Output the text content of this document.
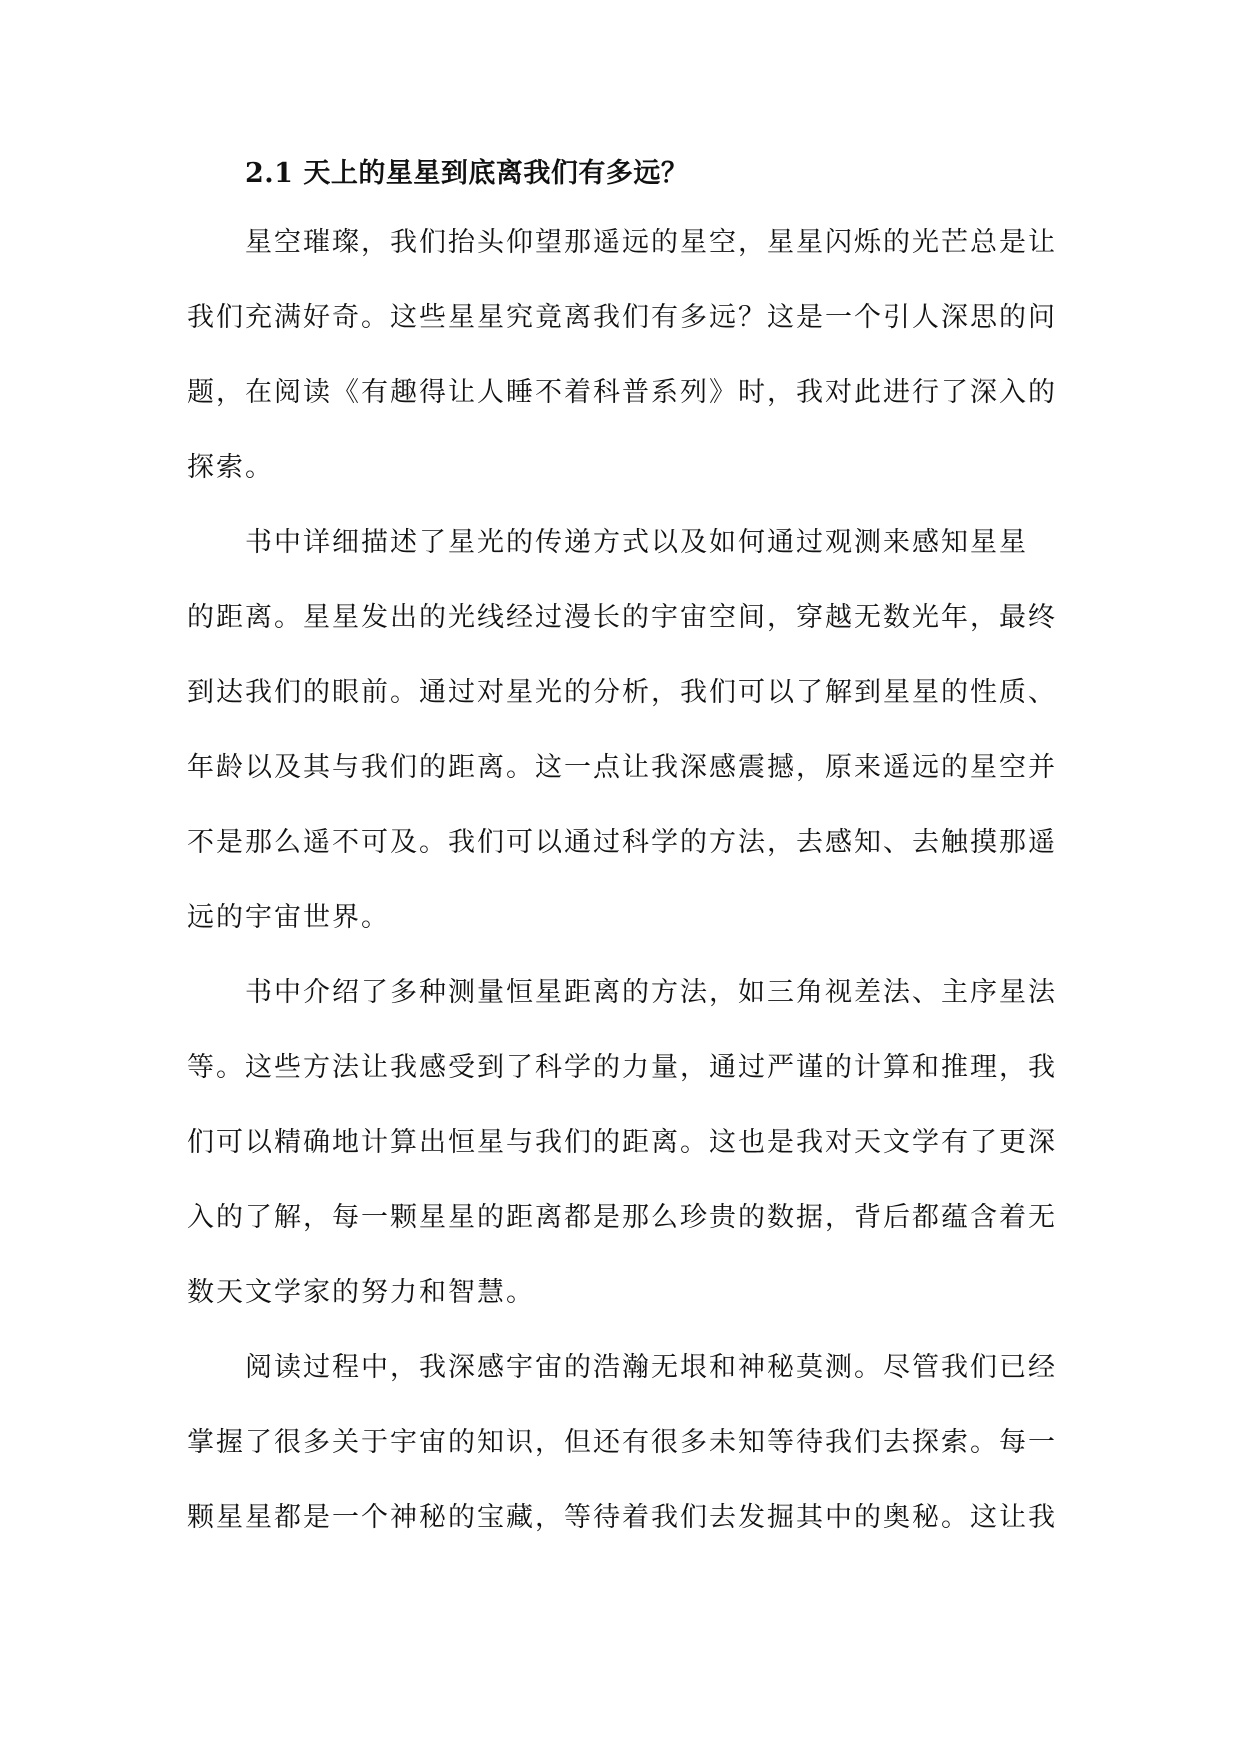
2.1 天上的星星到底离我们有多远？

星空璀璨，我们抬头仰望那遥远的星空，星星闪烁的光芒总是让

我们充满好奇。这些星星究竟离我们有多远？这是一个引人深思的问

题，在阅读《有趣得让人睡不着科普系列》时，我对此进行了深入的

探索。

书中详细描述了星光的传递方式以及如何通过观测来感知星星

的距离。星星发出的光线经过漫长的宇宙空间，穿越无数光年，最终

到达我们的眼前。通过对星光的分析，我们可以了解到星星的性质、

年龄以及其与我们的距离。这一点让我深感震撼，原来遥远的星空并

不是那么遥不可及。我们可以通过科学的方法，去感知、去触摸那遥

远的宇宙世界。

书中介绍了多种测量恒星距离的方法，如三角视差法、主序星法

等。这些方法让我感受到了科学的力量，通过严谨的计算和推理，我

们可以精确地计算出恒星与我们的距离。这也是我对天文学有了更深

入的了解，每一颗星星的距离都是那么珍贵的数据，背后都蕴含着无

数天文学家的努力和智慧。

阅读过程中，我深感宇宙的浩瀚无垠和神秘莫测。尽管我们已经

掌握了很多关于宇宙的知识，但还有很多未知等待我们去探索。每一

颗星星都是一个神秘的宝藏，等待着我们去发掘其中的奥秘。这让我
